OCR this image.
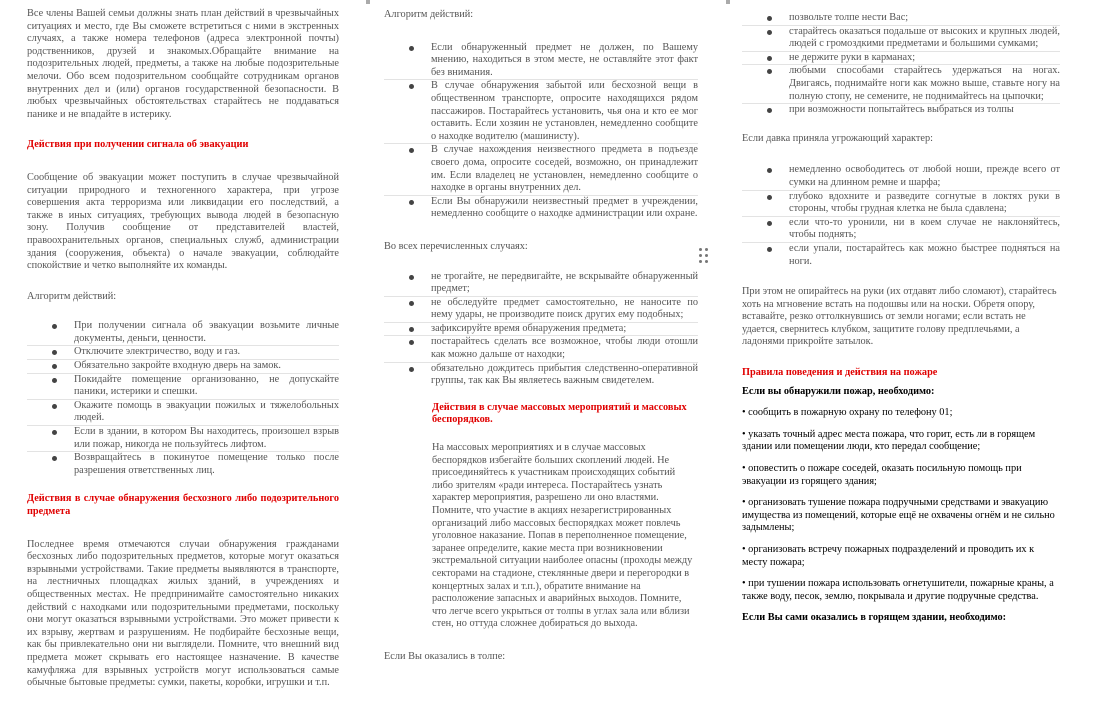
Все члены Вашей семьи должны знать план действий в чрезвычайных ситуациях и место, где Вы сможете встретиться с ними в экстренных случаях, а также номера телефонов (адреса электронной почты) родственников, друзей и знакомых.Обращайте внимание на подозрительных людей, предметы, а также на любые подозрительные мелочи. Обо всем подозрительном сообщайте сотрудникам органов внутренних дел и (или) органов государственной безопасности. В любых чрезвычайных обстоятельствах старайтесь не поддаваться панике и не впадайте в истерику.

Действия при получении сигнала об эвакуации

Сообщение об эвакуации может поступить в случае чрезвычайной ситуации природного и техногенного характера, при угрозе совершения акта терроризма или ликвидации его последствий, а также в иных ситуациях, требующих вывода людей в безопасную зону. Получив сообщение от представителей властей, правоохранительных органов, специальных служб, администрации здания (сооружения, объекта) о начале эвакуации, соблюдайте спокойствие и четко выполняйте их команды.

Алгоритм действий:

При получении сигнала об эвакуации возьмите личные документы, деньги, ценности.
Отключите электричество, воду и газ.
Обязательно закройте входную дверь на замок.
Покидайте помещение организованно, не допускайте паники, истерики и спешки.
Окажите помощь в эвакуации пожилых и тяжелобольных людей.
Если в здании, в котором Вы находитесь, произошел взрыв или пожар, никогда не пользуйтесь лифтом.
Возвращайтесь в покинутое помещение только после разрешения ответственных лиц.

Действия в случае обнаружения бесхозного либо подозрительного предмета

Последнее время отмечаются случаи обнаружения гражданами бесхозных либо подозрительных предметов, которые могут оказаться взрывными устройствами. Такие предметы выявляются в транспорте, на лестничных площадках жилых зданий, в учреждениях и общественных местах. Не предпринимайте самостоятельно никаких действий с находками или подозрительными предметами, поскольку они могут оказаться взрывными устройствами. Это может привести к их взрыву, жертвам и разрушениям. Не подбирайте бесхозные вещи, как бы привлекательно они ни выглядели. Помните, что внешний вид предмета может скрывать его настоящее назначение. В качестве камуфляжа для взрывных устройств могут использоваться самые обычные бытовые предметы: сумки, пакеты, коробки, игрушки и т.п.

Алгоритм действий:

Если обнаруженный предмет не должен, по Вашему мнению, находиться в этом месте, не оставляйте этот факт без внимания.
В случае обнаружения забытой или бесхозной вещи в общественном транспорте, опросите находящихся рядом пассажиров. Постарайтесь установить, чья она и кто ее мог оставить. Если хозяин не установлен, немедленно сообщите о находке водителю (машинисту).
В случае нахождения неизвестного предмета в подъезде своего дома, опросите соседей, возможно, он принадлежит им. Если владелец не установлен, немедленно сообщите о находке в органы внутренних дел.
Если Вы обнаружили неизвестный предмет в учреждении, немедленно сообщите о находке администрации или охране.

Во всех перечисленных случаях:

не трогайте, не передвигайте, не вскрывайте обнаруженный предмет;
не обследуйте предмет самостоятельно, не наносите по нему удары, не производите поиск других ему подобных;
зафиксируйте время обнаружения предмета;
постарайтесь сделать все возможное, чтобы люди отошли как можно дальше от находки;
обязательно дождитесь прибытия следственно-оперативной группы, так как Вы являетесь важным свидетелем.

Действия в случае массовых мероприятий и массовых беспорядков.

На массовых мероприятиях и в случае массовых беспорядков избегайте больших скоплений людей. Не присоединяйтесь к участникам происходящих событий либо зрителям «ради интереса. Постарайтесь узнать характер мероприятия, разрешено ли оно властями. Помните, что участие в акциях незарегистрированных организаций либо массовых беспорядках может повлечь уголовное наказание. Попав в переполненное помещение, заранее определите, какие места при возникновении экстремальной ситуации наиболее опасны (проходы между секторами на стадионе, стеклянные двери и перегородки в концертных залах и т.п.), обратите внимание на расположение запасных и аварийных выходов. Помните, что легче всего укрыться от толпы в углах зала или вблизи стен, но оттуда сложнее добираться до выхода.

Если Вы оказались в толпе:

позвольте толпе нести Вас;
старайтесь оказаться подальше от высоких и крупных людей, людей с громоздкими предметами и большими сумками;
не держите руки в карманах;
любыми способами старайтесь удержаться на ногах. Двигаясь, поднимайте ноги как можно выше, ставьте ногу на полную стопу, не семените, не поднимайтесь на цыпочки;
при возможности попытайтесь выбраться из толпы

Если давка приняла угрожающий характер:

немедленно освободитесь от любой ноши, прежде всего от сумки на длинном ремне и шарфа;
глубоко вдохните и разведите согнутые в локтях руки в стороны, чтобы грудная клетка не была сдавлена;
если что-то уронили, ни в коем случае не наклоняйтесь, чтобы поднять;
если упали, постарайтесь как можно быстрее подняться на ноги.

При этом не опирайтесь на руки (их отдавят либо сломают), старайтесь хоть на мгновение встать на подошвы или на носки. Обретя опору, вставайте, резко оттолкнувшись от земли ногами; если встать не удается, свернитесь клубком, защитите голову предплечьями, а ладонями прикройте затылок.

Правила поведения и действия на пожаре

Если вы обнаружили пожар, необходимо:

• сообщить в пожарную охрану по телефону 01;

• указать точный адрес места пожара, что горит, есть ли в горящем здании или помещении люди, кто передал сообщение;

• оповестить о пожаре соседей, оказать посильную помощь при эвакуации из горящего здания;

• организовать тушение пожара подручными средствами и эвакуацию имущества из помещений, которые ещё не охвачены огнём и не сильно задымлены;

• организовать встречу пожарных подразделений и проводить их к месту пожара;

• при тушении пожара использовать огнетушители, пожарные краны, а также воду, песок, землю, покрывала и другие подручные средства.

Если Вы сами оказались в горящем здании, необходимо:
